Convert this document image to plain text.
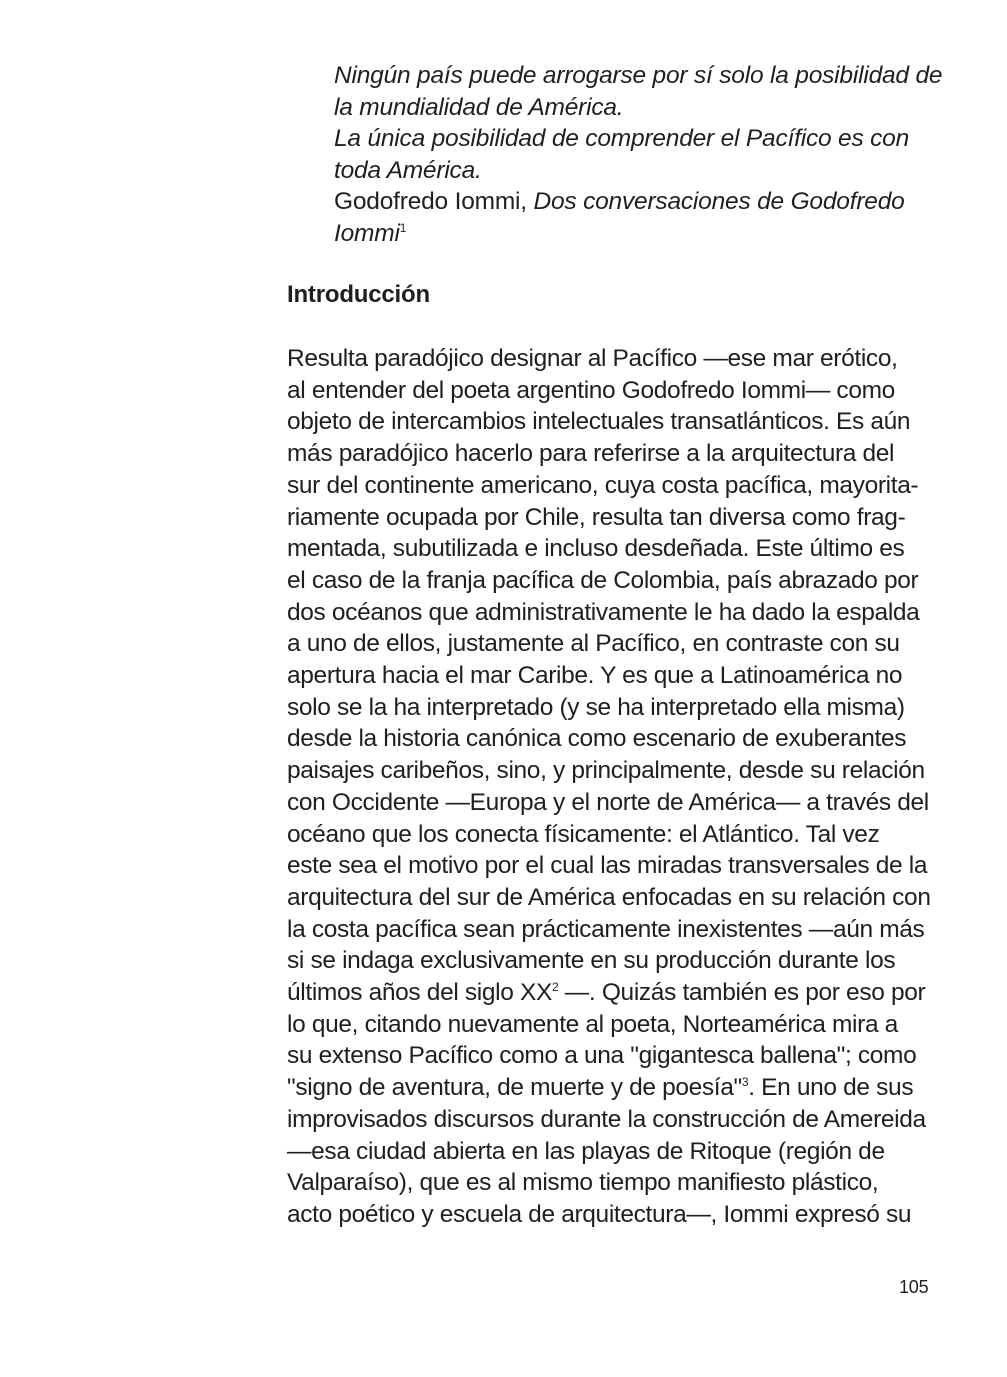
Ningún país puede arrogarse por sí solo la posibilidad de
la mundialidad de América.
La única posibilidad de comprender el Pacífico es con
toda América.
Godofredo Iommi, Dos conversaciones de Godofredo
Iommi$^1$
Introducción
Resulta paradójico designar al Pacífico —ese mar erótico,
al entender del poeta argentino Godofredo Iommi— como
objeto de intercambios intelectuales transatlánticos. Es aún
más paradójico hacerlo para referirse a la arquitectura del
sur del continente americano, cuya costa pacífica, mayorita-
riamente ocupada por Chile, resulta tan diversa como frag-
mentada, subutilizada e incluso desdeñada. Este último es
el caso de la franja pacífica de Colombia, país abrazado por
dos océanos que administrativamente le ha dado la espalda
a uno de ellos, justamente al Pacífico, en contraste con su
apertura hacia el mar Caribe. Y es que a Latinoamérica no
solo se la ha interpretado (y se ha interpretado ella misma)
desde la historia canónica como escenario de exuberantes
paisajes caribeños, sino, y principalmente, desde su relación
con Occidente —Europa y el norte de América— a través del
océano que los conecta físicamente: el Atlántico. Tal vez
este sea el motivo por el cual las miradas transversales de la
arquitectura del sur de América enfocadas en su relación con
la costa pacífica sean prácticamente inexistentes —aún más
si se indaga exclusivamente en su producción durante los
últimos años del siglo $XX^2$ —. Quizás también es por eso por
lo que, citando nuevamente al poeta, Norteamérica mira a
su extenso Pacífico como a una "gigantesca ballena"; como
"signo de aventura, de muerte y de poesía"$^3$. En uno de sus
improvisados discursos durante la construcción de Amereida
—esa ciudad abierta en las playas de Ritoque (región de
Valparaíso), que es al mismo tiempo manifiesto plástico,
acto poético y escuela de arquitectura—, Iommi expresó su
105
